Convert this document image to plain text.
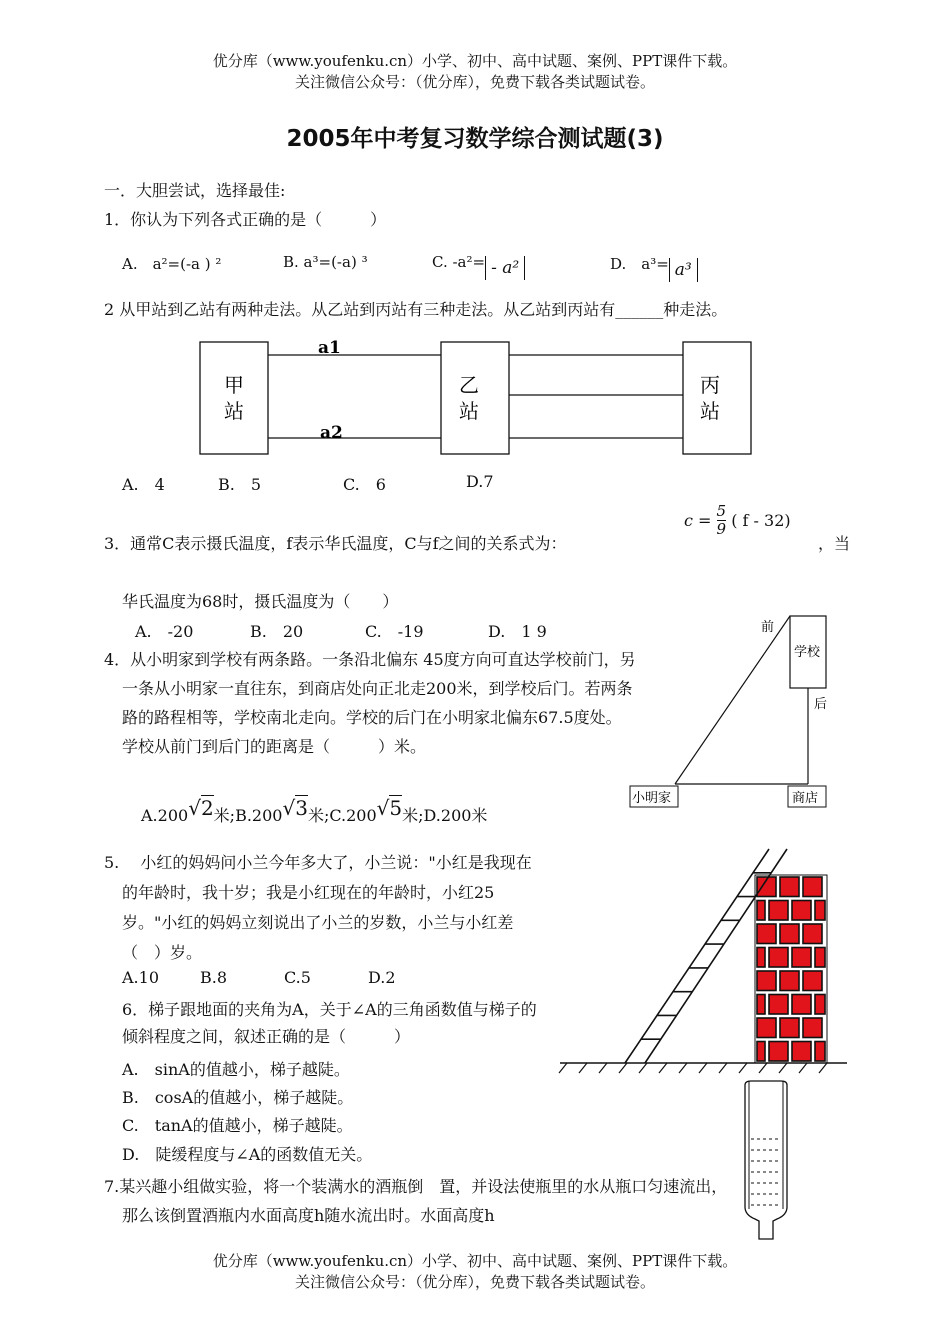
优分库（www.youfenku.cn）小学、初中、高中试题、案例、PPT课件下载。
关注微信公众号：（优分库），免费下载各类试题试卷。
2005年中考复习数学综合测试题(3)
一．大胆尝试，选择最佳:
1．你认为下列各式正确的是（　　　）
A.　a²=(-a ) ²	B. a³=(-a) ³	C. -a²= - a²	D.　a³= a³
2 从甲站到乙站有两种走法。从乙站到丙站有三种走法。从乙站到丙站有______种走法。
a1
a2
甲
站
乙
站
丙
站
A.　4	B.　5	C.　6	D.7
3．通常C表示摄氏温度，f表示华氏温度，C与f之间的关系式为：
$c = \frac{5}{9}$ ( f - 32)
，当
华氏温度为68时，摄氏温度为（　　）
A.　-20	B.　20	C.　-19	D.　1 9
4．从小明家到学校有两条路。一条沿北偏东 45度方向可直达学校前门，另一条从小明家一直往东，到商店处向正北走200米，到学校后门。若两条路的路程相等，学校南北走向。学校的后门在小明家北偏东67.5度处。学校从前门到后门的距离是（　　　）米。
A.200√2米;B.200√3米;C.200√5米;D.200米
前
学校
后
小明家	商店
5.　 小红的妈妈问小兰今年多大了，小兰说："小红是我现在的年龄时，我十岁；我是小红现在的年龄时，小红25岁。"小红的妈妈立刻说出了小兰的岁数，小兰与小红差（　）岁。
A.10	B.8	C.5	D.2
6．梯子跟地面的夹角为A，关于∠A的三角函数值与梯子的倾斜程度之间，叙述正确的是（　　　）
A.　sinA的值越小，梯子越陡。
B.　cosA的值越小，梯子越陡。
C.　tanA的值越小，梯子越陡。
D.　陡缓程度与∠A的函数值无关。
7.某兴趣小组做实验，将一个装满水的酒瓶倒　置，并设法使瓶里的水从瓶口匀速流出，那么该倒置酒瓶内水面高度h随水流出时。水面高度h
优分库（www.youfenku.cn）小学、初中、高中试题、案例、PPT课件下载。
关注微信公众号：（优分库），免费下载各类试题试卷。
